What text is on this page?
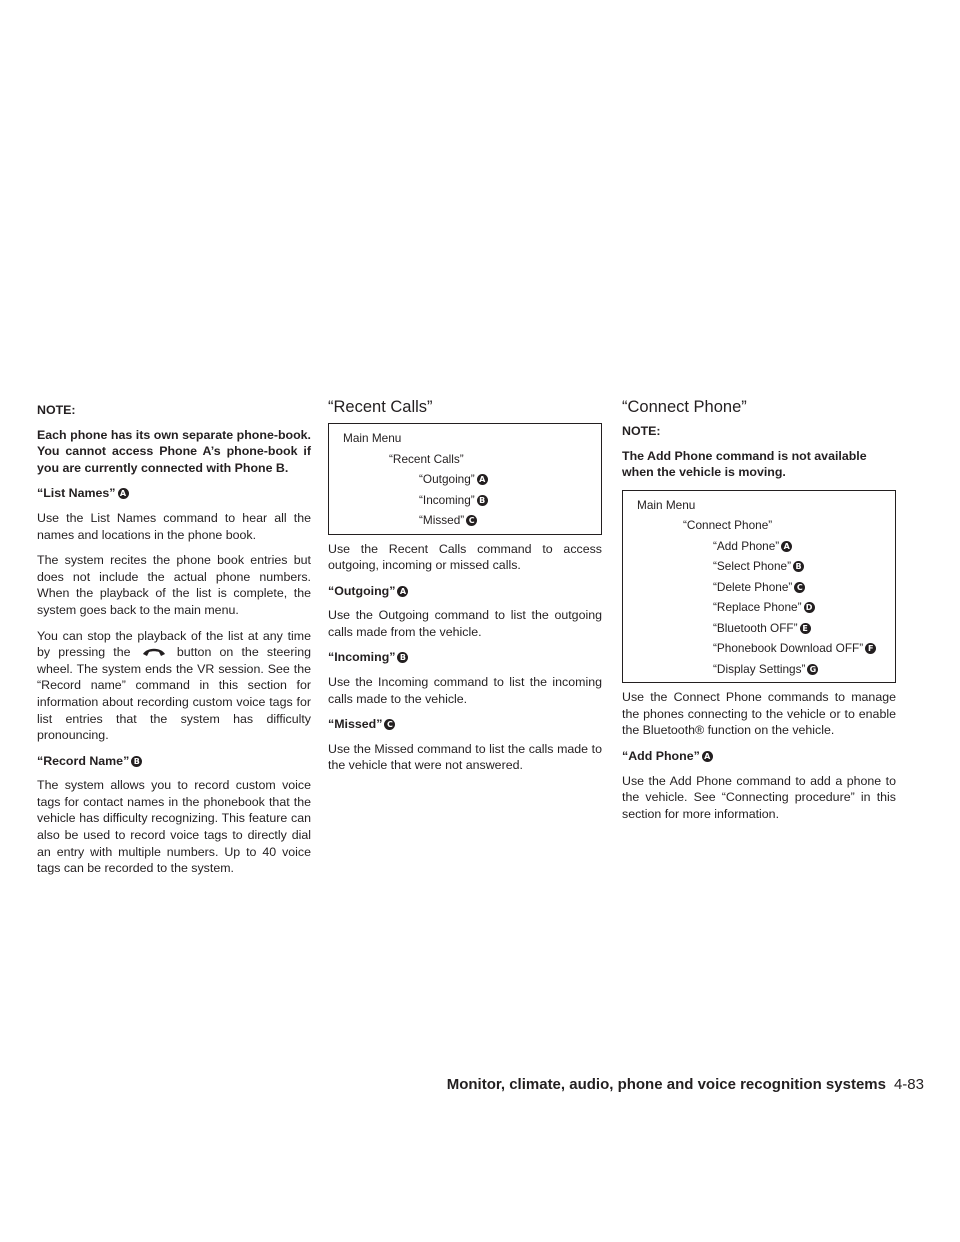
NOTE:

Each phone has its own separate phone-book. You cannot access Phone A’s phone-book if you are currently connected with Phone B.

“List Names” A

Use the List Names command to hear all the names and locations in the phone book.

The system recites the phone book entries but does not include the actual phone numbers. When the playback of the list is complete, the system goes back to the main menu.

You can stop the playback of the list at any time by pressing the	button on the steering wheel. The system ends the VR session. See the “Record name” command in this section for information about recording custom voice tags for list entries that the system has difficulty pronouncing.

“Record Name” B

The system allows you to record custom voice tags for contact names in the phonebook that the vehicle has difficulty recognizing. This feature can also be used to record voice tags to directly dial an entry with multiple numbers. Up to 40 voice tags can be recorded to the system.

“Recent Calls”
Main Menu
“Recent Calls”
“Outgoing” A
“Incoming” B
“Missed” C

Use the Recent Calls command to access outgoing, incoming or missed calls.

“Outgoing” A

Use the Outgoing command to list the outgoing calls made from the vehicle.

“Incoming” B

Use the Incoming command to list the incoming calls made to the vehicle.

“Missed” C

Use the Missed command to list the calls made to the vehicle that were not answered.

“Connect Phone”

NOTE:

The Add Phone command is not available when the vehicle is moving.

Main Menu
“Connect Phone”
“Add Phone” A
“Select Phone” B
“Delete Phone” C
“Replace Phone” D
“Bluetooth OFF” E
“Phonebook Download OFF” F
“Display Settings” G

Use the Connect Phone commands to manage the phones connecting to the vehicle or to enable the Bluetooth® function on the vehicle.

“Add Phone” A

Use the Add Phone command to add a phone to the vehicle. See “Connecting procedure” in this section for more information.

Monitor, climate, audio, phone and voice recognition systems 4-83
